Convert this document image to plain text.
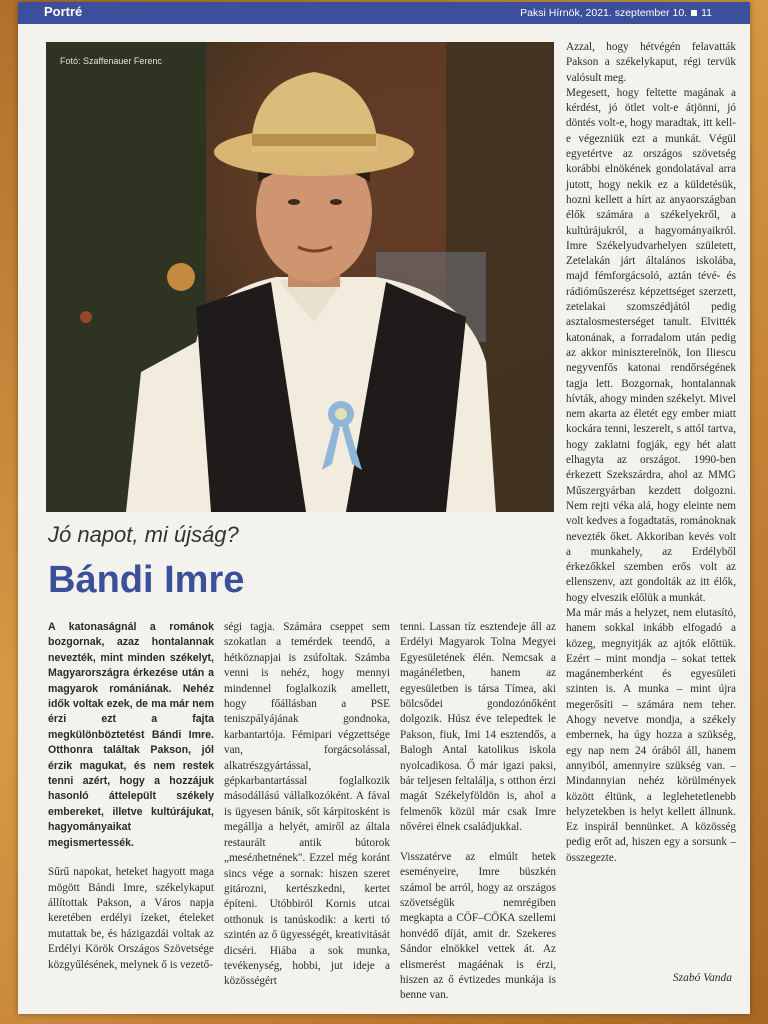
Portré	Paksi Hírnök, 2021. szeptember 10. 11
Fotó: Szaffenauer Ferenc
Jó napot, mi újság?
Bándi Imre

A katonaságnál a románok bozgornak, azaz hontalannak nevezték, mint minden székelyt, Magyarországra érkezése után a magyarok romániának. Nehéz idők voltak ezek, de ma már nem érzi ezt a fajta megkülönböztetést Bándi Imre. Otthonra találtak Pakson, jól érzik magukat, és nem restek tenni azért, hogy a hozzájuk hasonló áttelepült székely embereket, illetve kultúrájukat, hagyományaikat megismertessék.

Sűrű napokat, heteket hagyott maga mögött Bándi Imre, székelykaput állítottak Pakson, a Város napja keretében erdélyi ízeket, ételeket mutattak be, és házigazdái voltak az Erdélyi Körök Országos Szövetsége közgyűlésének, melynek ő is vezető-

ségi tagja. Számára cseppet sem szokatlan a temérdek teendő, a hétköznapjai is zsúfoltak. Számba venni is nehéz, hogy mennyi mindennel foglalkozik amellett, hogy főállásban a PSE teniszpályájának gondnoka, karbantartója. Fémipari végzettsége van, forgácsolással, alkatrészgyártással, gépkarbantartással foglalkozik másodállású vállalkozóként. A fával is ügyesen bánik, sőt kárpitosként is megállja a helyét, amiről az általa restaurált antik bútorok „meséлhetnének". Ezzel még koránt sincs vége a sornak: hiszen szeret gitározni, kertészkedni, kertet építeni. Utóbbiról Kornis utcai otthonuk is tanúskodik: a kerti tó szintén az ő ügyességét, kreativitását dicséri. Hiába a sok munka, tevékenység, hobbi, jut ideje a közösségért

tenni. Lassan tíz esztendeje áll az Erdélyi Magyarok Tolna Megyei Egyesületének élén. Nemcsak a magánéletben, hanem az egyesületben is társa Tímea, aki bölcsődei gondozónőként dolgozik. Húsz éve telepedtek le Pakson, fiuk, Imi 14 esztendős, a Balogh Antal katolikus iskola nyolcadikosa. Ő már igazi paksi, bár teljesen feltalálja, s otthon érzi magát Székelyföldön is, ahol a felmenők közül már csak Imre nővérei élnek családjukkal.

Visszatérve az elmúlt hetek eseményeire, Imre büszkén számol be arról, hogy az országos szövetségük nemrégiben megkapta a CÖF–CÖKA szellemi honvédő díját, amit dr. Szekeres Sándor elnökkel vettek át. Az elismerést magáénak is érzi, hiszen az ő évtizedes munkája is benne van.

Azzal, hogy hétvégén felavatták Pakson a székelykaput, régi tervük valósult meg.

Megesett, hogy feltette magának a kérdést, jó ötlet volt-e átjönni, jó döntés volt-e, hogy maradtak, itt kell-e végezniük ezt a munkát. Végül egyetértve az országos szövetség korábbi elnökének gondolatával arra jutott, hogy nekik ez a küldetésük, hozni kellett a hírt az anyaországban élők számára a székelyekről, a kultúrájukról, a hagyományaikról. Imre Székelyudvarhelyen született, Zetelakán járt általános iskolába, majd fémforgácsoló, aztán tévé- és rádióműszerész képzettséget szerzett, zetelakai szomszédjától pedig asztalosmesterséget tanult. Elvitték katonának, a forradalom után pedig az akkor miniszterelnök, Ion Iliescu negyvenfős katonai rendőrségének tagja lett. Bozgornak, hontalannak hívták, ahogy minden székelyt. Mivel nem akarta az életét egy ember miatt kockára tenni, leszerelt, s attól tartva, hogy zaklatni fogják, egy hét alatt elhagyta az országot. 1990-ben érkezett Szekszárdra, ahol az MMG Műszergyárban kezdett dolgozni. Nem rejti véka alá, hogy eleinte nem volt kedves a fogadtatás, románoknak nevezték őket. Akkoriban kevés volt a munkahely, az Erdélyből érkezőkkel szemben erős volt az ellenszenv, azt gondolták az itt élők, hogy elveszik előlük a munkát.

Ma már más a helyzet, nem elutasító, hanem sokkal inkább elfogadó a közeg, megnyitják az ajtók előttük. Ezért – mint mondja – sokat tettek magánemberként és egyesületi szinten is. A munka – mint újra megerősíti – számára nem teher. Ahogy nevetve mondja, a székely embernek, ha úgy hozza a szükség, egy nap nem 24 órából áll, hanem annyiból, amennyire szükség van. – Mindannyian nehéz körülmények között éltünk, a leglehetetlenebb helyzetekben is helyt kellett állnunk. Ez inspirál bennünket. A közösség pedig erőt ad, hiszen egy a sorsunk – összegezte.

Szabó Vanda
